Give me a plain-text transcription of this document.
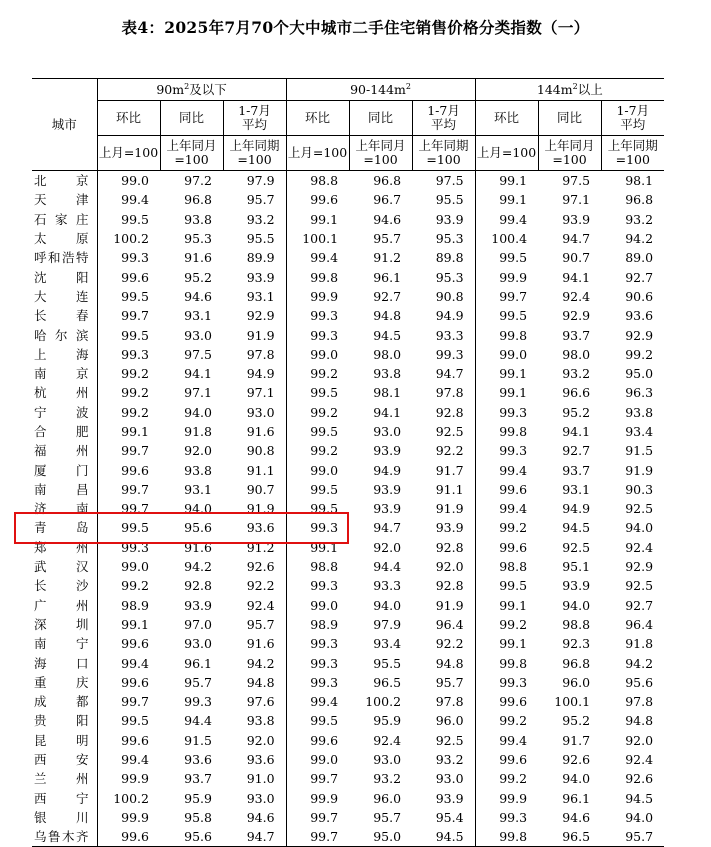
表4：2025年7月70个大中城市二手住宅销售价格分类指数（一）
城市	$90m^2$及以下			$90-144m^2$			$144m^2$以上		
	环比	同比	1-7月平均	环比	同比	1-7月平均	环比	同比	1-7月平均
	上月=100	上年同月=100	上年同期=100	上月=100	上年同月=100	上年同期=100	上月=100	上年同月=100	上年同期=100
北　京	99.0	97.2	97.9	98.8	96.8	97.5	99.1	97.5	98.1
天　津	99.4	96.8	95.7	99.6	96.7	95.5	99.1	97.1	96.8
石家庄	99.5	93.8	93.2	99.1	94.6	93.9	99.4	93.9	93.2
太　原	100.2	95.3	95.5	100.1	95.7	95.3	100.4	94.7	94.2
呼和浩特	99.3	91.6	89.9	99.4	91.2	89.8	99.5	90.7	89.0
沈　阳	99.6	95.2	93.9	99.8	96.1	95.3	99.9	94.1	92.7
大　连	99.5	94.6	93.1	99.9	92.7	90.8	99.7	92.4	90.6
长　春	99.7	93.1	92.9	99.3	94.8	94.9	99.5	92.9	93.6
哈尔滨	99.5	93.0	91.9	99.3	94.5	93.3	99.8	93.7	92.9
上　海	99.3	97.5	97.8	99.0	98.0	99.3	99.0	98.0	99.2
南　京	99.2	94.1	94.9	99.2	93.8	94.7	99.1	93.2	95.0
杭　州	99.2	97.1	97.1	99.5	98.1	97.8	99.1	96.6	96.3
宁　波	99.2	94.0	93.0	99.2	94.1	92.8	99.3	95.2	93.8
合　肥	99.1	91.8	91.6	99.5	93.0	92.5	99.8	94.1	93.4
福　州	99.7	92.0	90.8	99.2	93.9	92.2	99.3	92.7	91.5
厦　门	99.6	93.8	91.1	99.0	94.9	91.7	99.4	93.7	91.9
南　昌	99.7	93.1	90.7	99.5	93.9	91.1	99.6	93.1	90.3
济　南	99.7	94.0	91.9	99.5	93.9	91.9	99.4	94.9	92.5
青　岛	99.5	95.6	93.6	99.3	94.7	93.9	99.2	94.5	94.0
郑　州	99.3	91.6	91.2	99.1	92.0	92.8	99.6	92.5	92.4
武　汉	99.0	94.2	92.6	98.8	94.4	92.0	98.8	95.1	92.9
长　沙	99.2	92.8	92.2	99.3	93.3	92.8	99.5	93.9	92.5
广　州	98.9	93.9	92.4	99.0	94.0	91.9	99.1	94.0	92.7
深　圳	99.1	97.0	95.7	98.9	97.9	96.4	99.2	98.8	96.4
南　宁	99.6	93.0	91.6	99.3	93.4	92.2	99.1	92.3	91.8
海　口	99.4	96.1	94.2	99.3	95.5	94.8	99.8	96.8	94.2
重　庆	99.6	95.7	94.8	99.3	96.5	95.7	99.3	96.0	95.6
成　都	99.7	99.3	97.6	99.4	100.2	97.8	99.6	100.1	97.8
贵　阳	99.5	94.4	93.8	99.5	95.9	96.0	99.2	95.2	94.8
昆　明	99.6	91.5	92.0	99.6	92.4	92.5	99.4	91.7	92.0
西　安	99.4	93.6	93.6	99.0	93.0	93.2	99.6	92.6	92.4
兰　州	99.9	93.7	91.0	99.7	93.2	93.0	99.2	94.0	92.6
西　宁	100.2	95.9	93.0	99.9	96.0	93.9	99.9	96.1	94.5
银　川	99.9	95.8	94.6	99.7	95.7	95.4	99.3	94.6	94.0
乌鲁木齐	99.6	95.6	94.7	99.7	95.0	94.5	99.8	96.5	95.7
